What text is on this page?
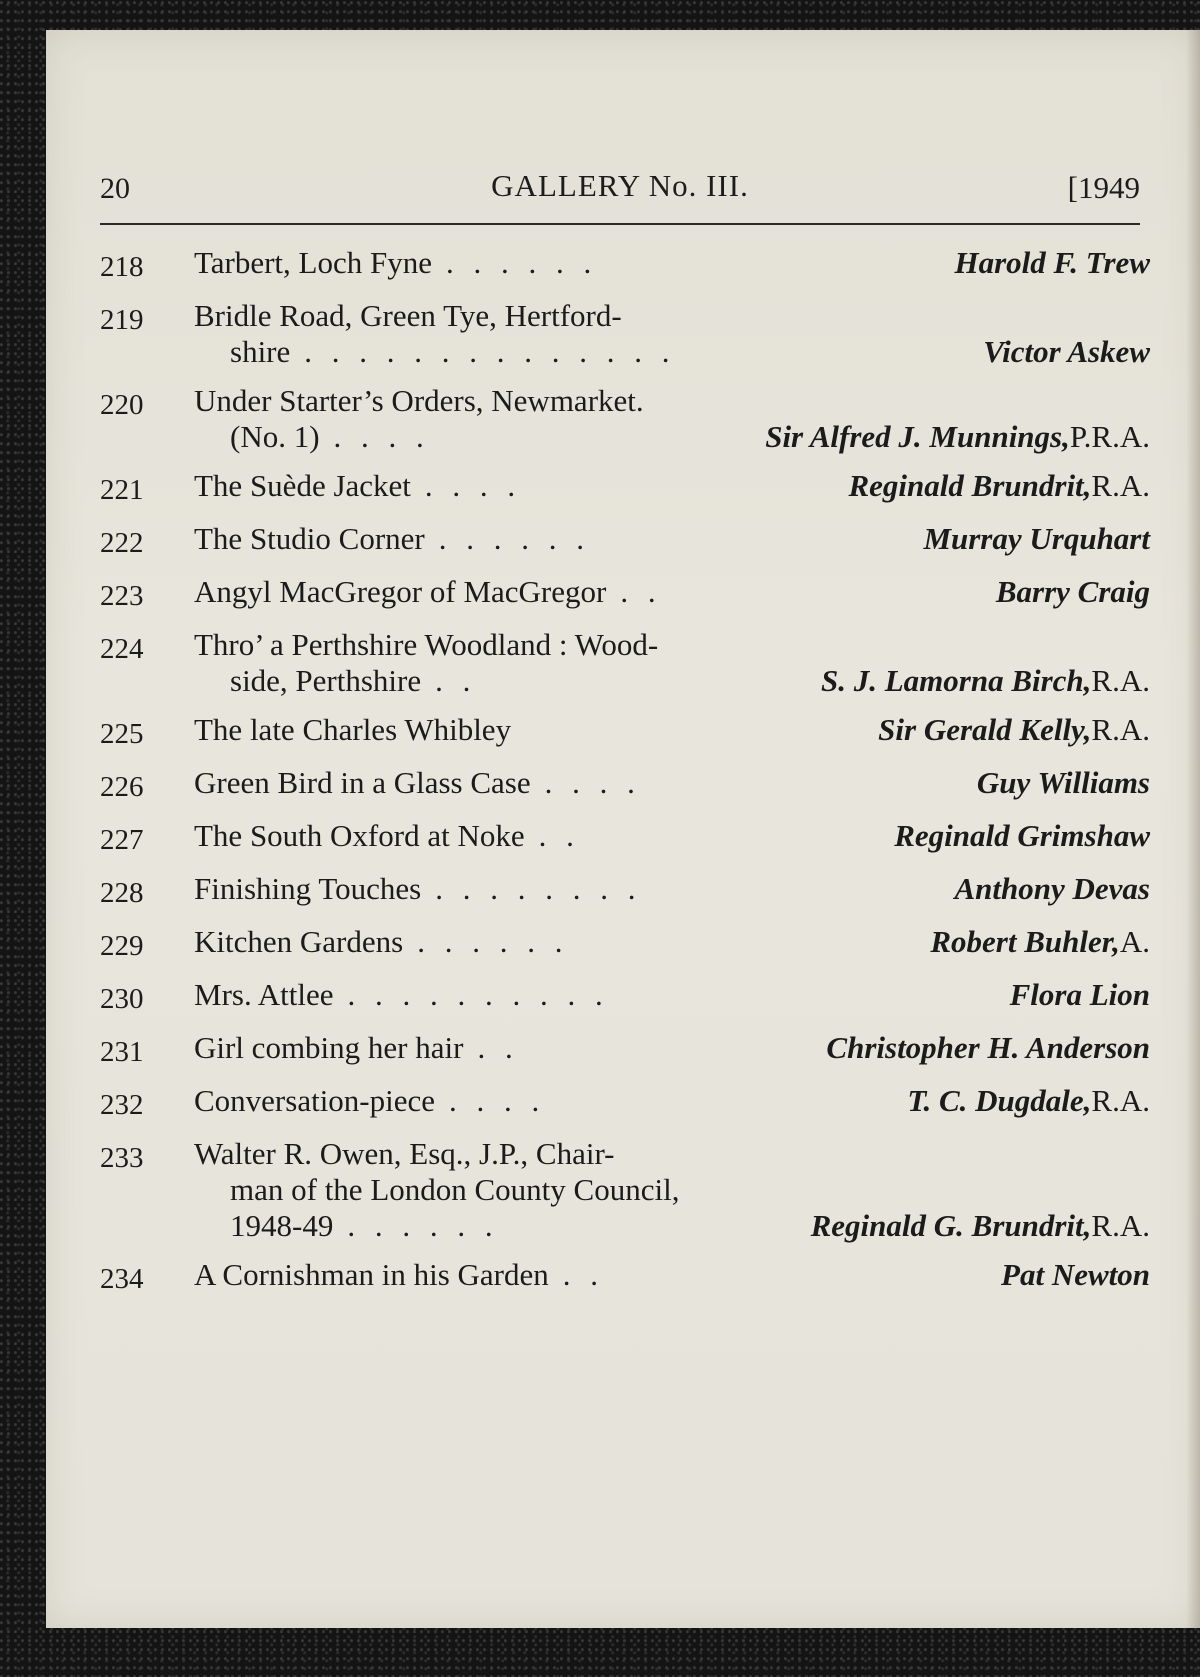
20	GALLERY No. III.	[1949
218	Tarbert, Loch Fyne . . . . . .	Harold F. Trew
219	Bridle Road, Green Tye, Hertford-
shire . . . . . . . . . . . . . .	Victor Askew
220	Under Starter’s Orders, Newmarket.
(No. 1) . . . .	Sir Alfred J. Munnings, P.R.A.
221	The Suède Jacket . . . .	Reginald Brundrit, R.A.
222	The Studio Corner . . . . . .	Murray Urquhart
223	Angyl MacGregor of MacGregor . .	Barry Craig
224	Thro’ a Perthshire Woodland : Wood-
side, Perthshire . .	S. J. Lamorna Birch, R.A.
225	The late Charles Whibley	Sir Gerald Kelly, R.A.
226	Green Bird in a Glass Case . . . .	Guy Williams
227	The South Oxford at Noke . .	Reginald Grimshaw
228	Finishing Touches . . . . . . . .	Anthony Devas
229	Kitchen Gardens . . . . . .	Robert Buhler, A.
230	Mrs. Attlee . . . . . . . . . .	Flora Lion
231	Girl combing her hair . .	Christopher H. Anderson
232	Conversation-piece . . . .	T. C. Dugdale, R.A.
233	Walter R. Owen, Esq., J.P., Chair-
man of the London County Council,
1948-49 . . . . . .	Reginald G. Brundrit, R.A.
234	A Cornishman in his Garden . .	Pat Newton
